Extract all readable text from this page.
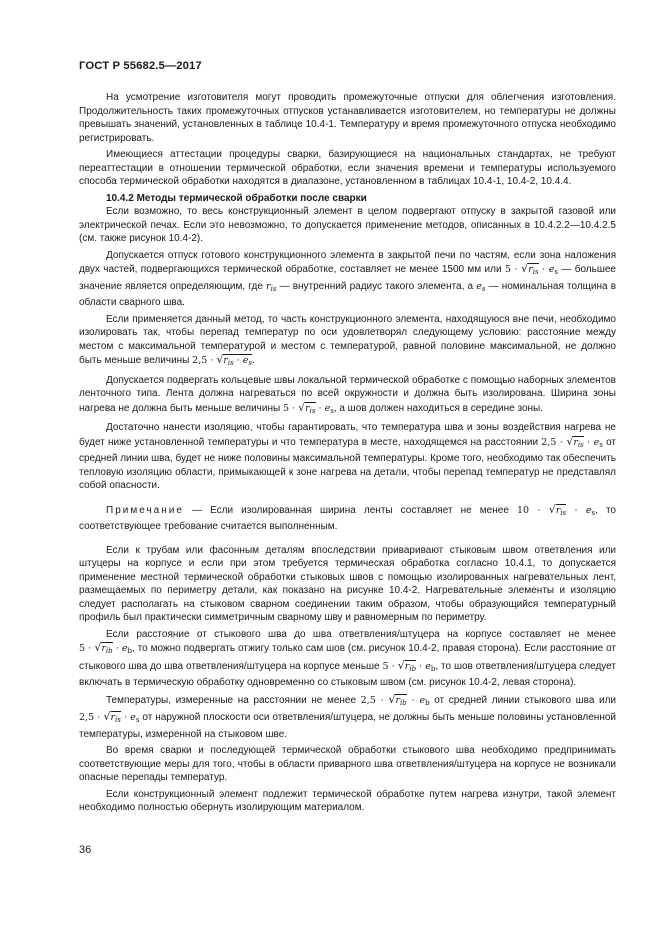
ГОСТ Р 55682.5—2017

На усмотрение изготовителя могут проводить промежуточные отпуски для облегчения изготовления. Продолжительность таких промежуточных отпусков устанавливается изготовителем, но температуры не должны превышать значений, установленных в таблице 10.4-1. Температуру и время промежуточного отпуска необходимо регистрировать.

Имеющиеся аттестации процедуры сварки, базирующиеся на национальных стандартах, не требуют переаттестации в отношении термической обработки, если значения времени и температуры используемого способа термической обработки находятся в диапазоне, установленном в таблицах 10.4-1, 10.4-2, 10.4.4.

10.4.2 Методы термической обработки после сварки

Если возможно, то весь конструкционный элемент в целом подвергают отпуску в закрытой газовой или электрической печах. Если это невозможно, то допускается применение методов, описанных в 10.4.2.2—10.4.2.5 (см. также рисунок 10.4-2).

Допускается отпуск готового конструкционного элемента в закрытой печи по частям, если зона наложения двух частей, подвергающихся термической обработке, составляет не менее 1500 мм или $5 \cdot √r_{is} \cdot e_s$ — большее значение является определяющим, где $r_{is}$ — внутренний радиус такого элемента, а $e_s$ — номинальная толщина в области сварного шва.

Если применяется данный метод, то часть конструкционного элемента, находящуюся вне печи, необходимо изолировать так, чтобы перепад температур по оси удовлетворял следующему условию: расстояние между местом с максимальной температурой и местом с температурой, равной половине максимальной, не должно быть меньше величины $2,5 \cdot √r_{is} \cdot e_s$.

Допускается подвергать кольцевые швы локальной термической обработке с помощью наборных элементов ленточного типа. Лента должна нагреваться по всей окружности и должна быть изолирована. Ширина зоны нагрева не должна быть меньше величины $5 \cdot √r_{is} \cdot e_s$, а шов должен находиться в середине зоны.

Достаточно нанести изоляцию, чтобы гарантировать, что температура шва и зоны воздействия нагрева не будет ниже установленной температуры и что температура в месте, находящемся на расстоянии $2,5 \cdot √r_{is} \cdot e_s$ от средней линии шва, будет не ниже половины максимальной температуры. Кроме того, необходимо так обеспечить тепловую изоляцию области, примыкающей к зоне нагрева на детали, чтобы перепад температур не представлял собой опасности.

Примечание — Если изолированная ширина ленты составляет не менее $10 \cdot √r_{is} \cdot e_s$, то соответствующее требование считается выполненным.

Если к трубам или фасонным деталям впоследствии приваривают стыковым швом ответвления или штуцеры на корпусе и если при этом требуется термическая обработка согласно 10.4.1, то допускается применение местной термической обработки стыковых швов с помощью изолированных нагревательных лент, размещаемых по периметру детали, как показано на рисунке 10.4-2. Нагревательные элементы и изоляцию следует располагать на стыковом сварном соединении таким образом, чтобы образующийся температурный профиль был практически симметричным сварному шву и равномерным по периметру.

Если расстояние от стыкового шва до шва ответвления/штуцера на корпусе составляет не менее $5 \cdot √r_{ib} \cdot e_b$, то можно подвергать отжигу только сам шов (см. рисунок 10.4-2, правая сторона). Если расстояние от стыкового шва до шва ответвления/штуцера на корпусе меньше $5 \cdot √r_{ib} \cdot e_b$, то шов ответвления/штуцера следует включать в термическую обработку одновременно со стыковым швом (см. рисунок 10.4-2, левая сторона).

Температуры, измеренные на расстоянии не менее $2,5 \cdot √r_{ib} \cdot e_b$ от средней линии стыкового шва или $2,5 \cdot √r_{is} \cdot e_s$ от наружной плоскости оси ответвления/штуцера, не должны быть меньше половины установленной температуры, измеренной на стыковом шве.

Во время сварки и последующей термической обработки стыкового шва необходимо предпринимать соответствующие меры для того, чтобы в области приварного шва ответвления/штуцера на корпусе не возникали опасные перепады температур.

Если конструкционный элемент подлежит термической обработке путем нагрева изнутри, такой элемент необходимо полностью обернуть изолирующим материалом.

36
